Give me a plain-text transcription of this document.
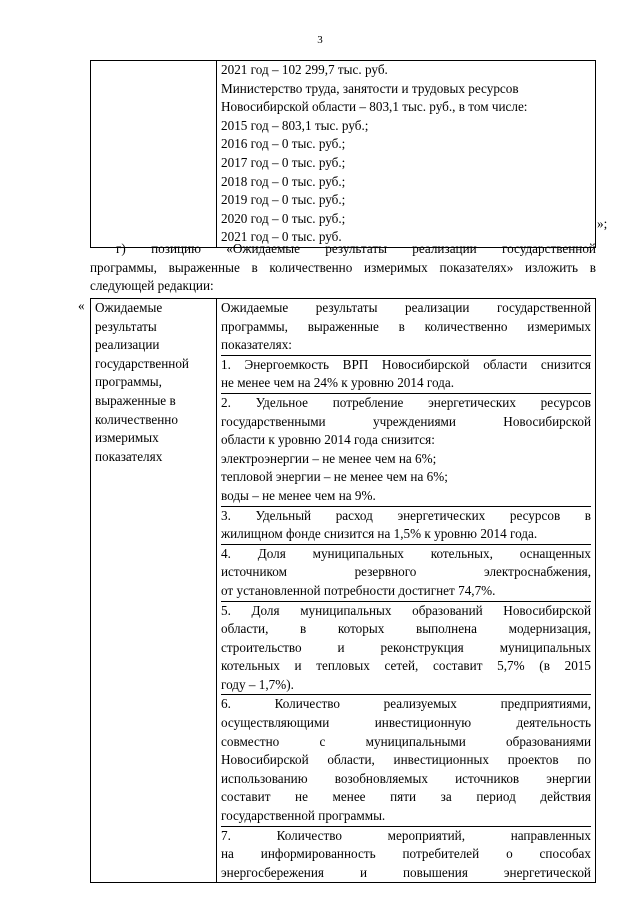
3

2021 год – 102 299,7 тыс. руб.
Министерство труда, занятости и трудовых ресурсов
Новосибирской области – 803,1 тыс. руб., в том числе:
2015 год – 803,1 тыс. руб.;
2016 год – 0 тыс. руб.;
2017 год – 0 тыс. руб.;
2018 год – 0 тыс. руб.;
2019 год – 0 тыс. руб.;
2020 год – 0 тыс. руб.;
2021 год – 0 тыс. руб.
»;
г) позицию «Ожидаемые результаты реализации государственной
программы, выраженные в количественно измеримых показателях» изложить в
следующей редакции:
« Ожидаемые
результаты
реализации
государственной
программы,
выраженные в
количественно
измеримых
показателях

Ожидаемые результаты реализации государственной
программы, выраженные в количественно измеримых
показателях:
1. Энергоемкость ВРП Новосибирской области снизится
не менее чем на 24% к уровню 2014 года.
2. Удельное потребление энергетических ресурсов
государственными учреждениями Новосибирской
области к уровню 2014 года снизится:
электроэнергии – не менее чем на 6%;
тепловой энергии – не менее чем на 6%;
воды – не менее чем на 9%.
3. Удельный расход энергетических ресурсов в
жилищном фонде снизится на 1,5% к уровню 2014 года.
4. Доля муниципальных котельных, оснащенных
источником резервного электроснабжения,
от установленной потребности достигнет 74,7%.
5. Доля муниципальных образований Новосибирской
области, в которых выполнена модернизация,
строительство и реконструкция муниципальных
котельных и тепловых сетей, составит 5,7% (в 2015
году – 1,7%).
6. Количество реализуемых предприятиями,
осуществляющими инвестиционную деятельность
совместно с муниципальными образованиями
Новосибирской области, инвестиционных проектов по
использованию возобновляемых источников энергии
составит не менее пяти за период действия
государственной программы.
7. Количество мероприятий, направленных
на информированность потребителей о способах
энергосбережения и повышения энергетической
